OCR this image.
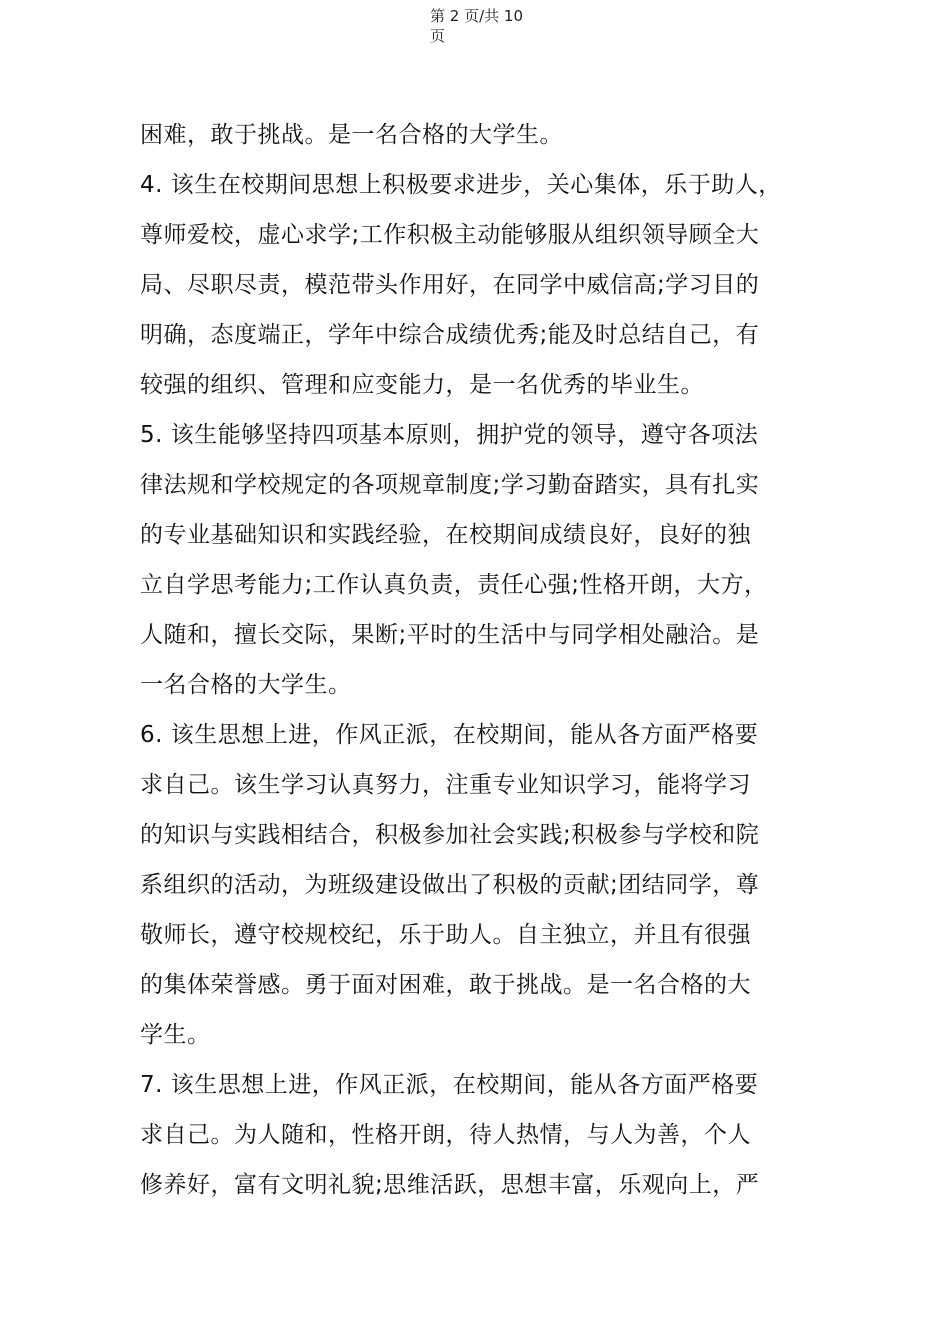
第 2 页/共 10
页
困难，敢于挑战。是一名合格的大学生。
4. 该生在校期间思想上积极要求进步，关心集体，乐于助人，
尊师爱校，虚心求学;工作积极主动能够服从组织领导顾全大
局、尽职尽责，模范带头作用好，在同学中威信高;学习目的
明确，态度端正，学年中综合成绩优秀;能及时总结自己，有
较强的组织、管理和应变能力，是一名优秀的毕业生。
5. 该生能够坚持四项基本原则，拥护党的领导，遵守各项法
律法规和学校规定的各项规章制度;学习勤奋踏实，具有扎实
的专业基础知识和实践经验，在校期间成绩良好，良好的独
立自学思考能力;工作认真负责，责任心强;性格开朗，大方，
人随和，擅长交际，果断;平时的生活中与同学相处融洽。是
一名合格的大学生。
6. 该生思想上进，作风正派，在校期间，能从各方面严格要
求自己。该生学习认真努力，注重专业知识学习，能将学习
的知识与实践相结合，积极参加社会实践;积极参与学校和院
系组织的活动，为班级建设做出了积极的贡献;团结同学，尊
敬师长，遵守校规校纪，乐于助人。自主独立，并且有很强
的集体荣誉感。勇于面对困难，敢于挑战。是一名合格的大
学生。
7. 该生思想上进，作风正派，在校期间，能从各方面严格要
求自己。为人随和，性格开朗，待人热情，与人为善，个人
修养好，富有文明礼貌;思维活跃，思想丰富，乐观向上，严
